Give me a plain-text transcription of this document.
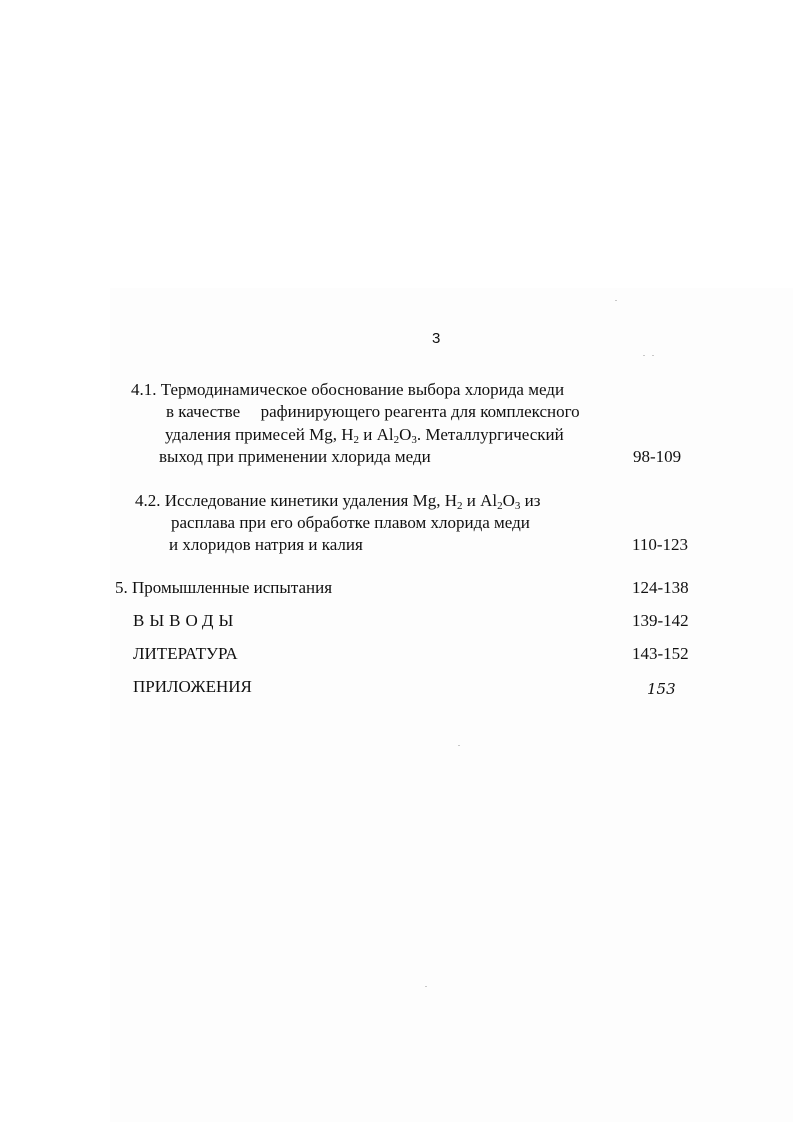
3
4.1. Термодинамическое обоснование выбора хлорида меди
в качестве рафинирующего реагента для комплексного
удаления примесей Mg, $H_2$ и $Al_2O_3$. Металлургический
выход при применении хлорида меди	98-109
4.2. Исследование кинетики удаления Mg, $H_2$ и $Al_2O_3$ из
расплава при его обработке плавом хлорида меди
и хлоридов натрия и калия	110-123
5. Промышленные испытания	124-138
ВЫВОДЫ	139-142
ЛИТЕРАТУРА	143-152
ПРИЛОЖЕНИЯ	153
